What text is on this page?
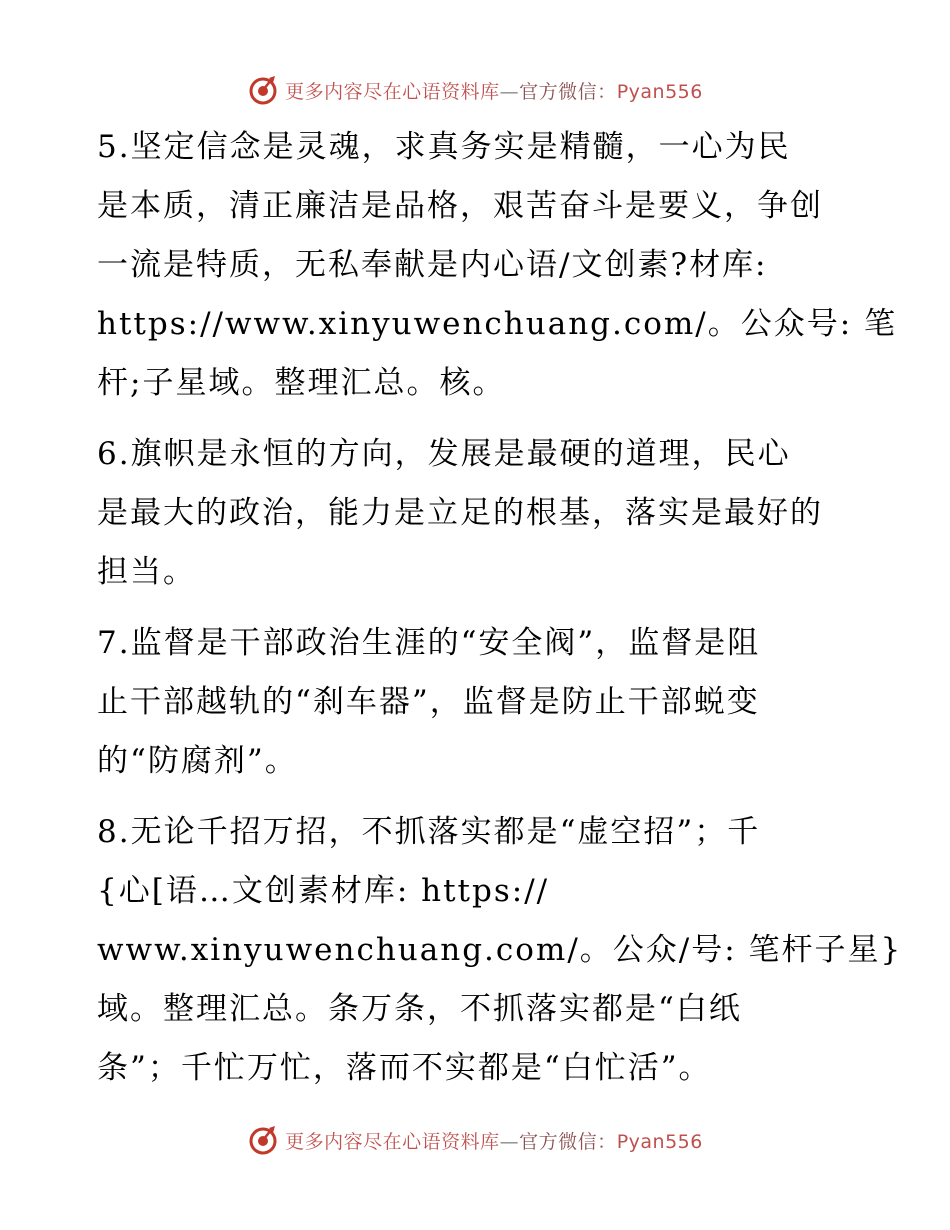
更多内容尽在心语资料库—官方微信：Pyan556

5.坚定信念是灵魂，求真务实是精髓，一心为民
是本质，清正廉洁是品格，艰苦奋斗是要义，争创
一流是特质，无私奉献是内心语/文创素?材库:
https://www.xinyuwenchuang.com/。公众号: 笔
杆;子星域。整理汇总。核。

6.旗帜是永恒的方向，发展是最硬的道理，民心
是最大的政治，能力是立足的根基，落实是最好的
担当。

7.监督是干部政治生涯的“安全阀”，监督是阻
止干部越轨的“刹车器”，监督是防止干部蜕变
的“防腐剂”。

8.无论千招万招，不抓落实都是“虚空招”；千
{心[语…文创素材库: https://
www.xinyuwenchuang.com/。公众/号: 笔杆子星}
域。整理汇总。条万条，不抓落实都是“白纸
条”；千忙万忙，落而不实都是“白忙活”。

更多内容尽在心语资料库—官方微信：Pyan556
